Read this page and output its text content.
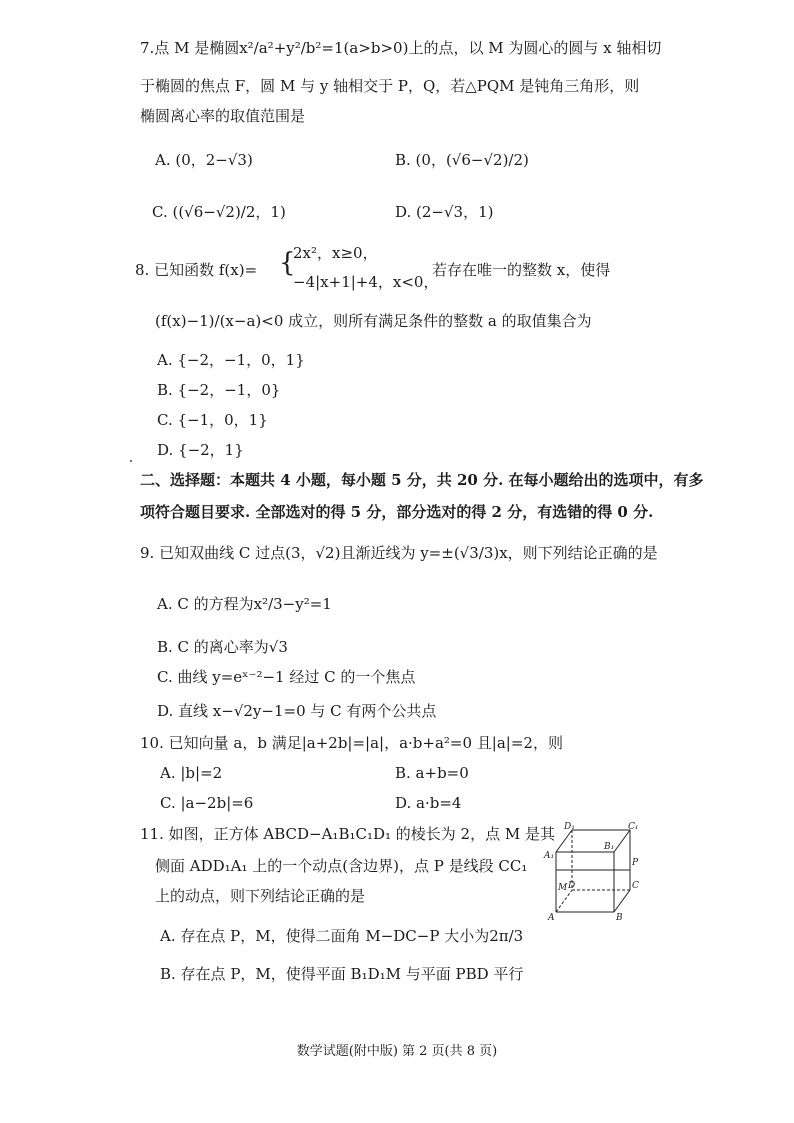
7.点 M 是椭圆x²/a²+y²/b²=1(a>b>0)上的点，以 M 为圆心的圆与 x 轴相切
于椭圆的焦点 F，圆 M 与 y 轴相交于 P，Q，若△PQM 是钝角三角形，则
椭圆离心率的取值范围是
A. (0，2−√3)	B. (0，(√6−√2)/2)
C. ((√6−√2)/2，1)	D. (2−√3，1)
8. 已知函数 f(x)= {
2x²，x≥0，
−4|x+1|+4，x<0，
若存在唯一的整数 x，使得
(f(x)−1)/(x−a)<0 成立，则所有满足条件的整数 a 的取值集合为
A. {−2，−1，0，1}
B. {−2，−1，0}
C. {−1，0，1}
D. {−2，1}
二、选择题：本题共 4 小题，每小题 5 分，共 20 分. 在每小题给出的选项中，有多
项符合题目要求. 全部选对的得 5 分，部分选对的得 2 分，有选错的得 0 分.
9. 已知双曲线 C 过点(3，√2)且渐近线为 y=±(√3/3)x，则下列结论正确的是
A. C 的方程为x²/3−y²=1
B. C 的离心率为√3
C. 曲线 y=eˣ⁻²−1 经过 C 的一个焦点
D. 直线 x−√2y−1=0 与 C 有两个公共点
10. 已知向量 a，b 满足|a+2b|=|a|，a·b+a²=0 且|a|=2，则
A. |b|=2	B. a+b=0
C. |a−2b|=6	D. a·b=4
11. 如图，正方体 ABCD−A₁B₁C₁D₁ 的棱长为 2，点 M 是其
侧面 ADD₁A₁ 上的一个动点(含边界)，点 P 是线段 CC₁
上的动点，则下列结论正确的是
A. 存在点 P，M，使得二面角 M−DC−P 大小为2π/3
B. 存在点 P，M，使得平面 B₁D₁M 与平面 PBD 平行
D₁	C₁
B₁
A₁
P
C
M D
A	B
数学试题(附中版) 第 2 页(共 8 页)
